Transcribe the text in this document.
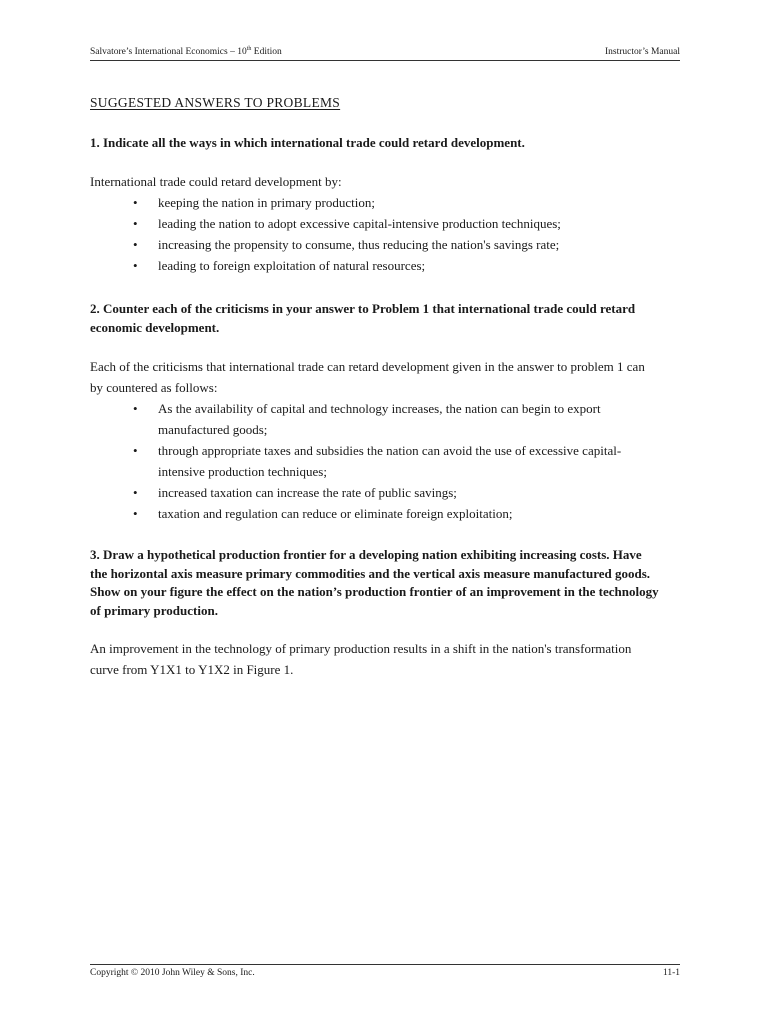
Salvatore’s International Economics – 10th Edition	Instructor’s Manual
SUGGESTED ANSWERS TO PROBLEMS
1. Indicate all the ways in which international trade could retard development.

International trade could retard development by:

• keeping the nation in primary production;
• leading the nation to adopt excessive capital-intensive production techniques;
• increasing the propensity to consume, thus reducing the nation's savings rate;
• leading to foreign exploitation of natural resources;
2. Counter each of the criticisms in your answer to Problem 1 that international trade could retard economic development.

Each of the criticisms that international trade can retard development given in the answer to problem 1 can by countered as follows:

• As the availability of capital and technology increases, the nation can begin to export manufactured goods;
• through appropriate taxes and subsidies the nation can avoid the use of excessive capital-intensive production techniques;
• increased taxation can increase the rate of public savings;
• taxation and regulation can reduce or eliminate foreign exploitation;
3. Draw a hypothetical production frontier for a developing nation exhibiting increasing costs. Have the horizontal axis measure primary commodities and the vertical axis measure manufactured goods. Show on your figure the effect on the nation’s production frontier of an improvement in the technology of primary production.

An improvement in the technology of primary production results in a shift in the nation's transformation curve from Y1X1 to Y1X2 in Figure 1.

Copyright © 2010 John Wiley & Sons, Inc.	11-1
